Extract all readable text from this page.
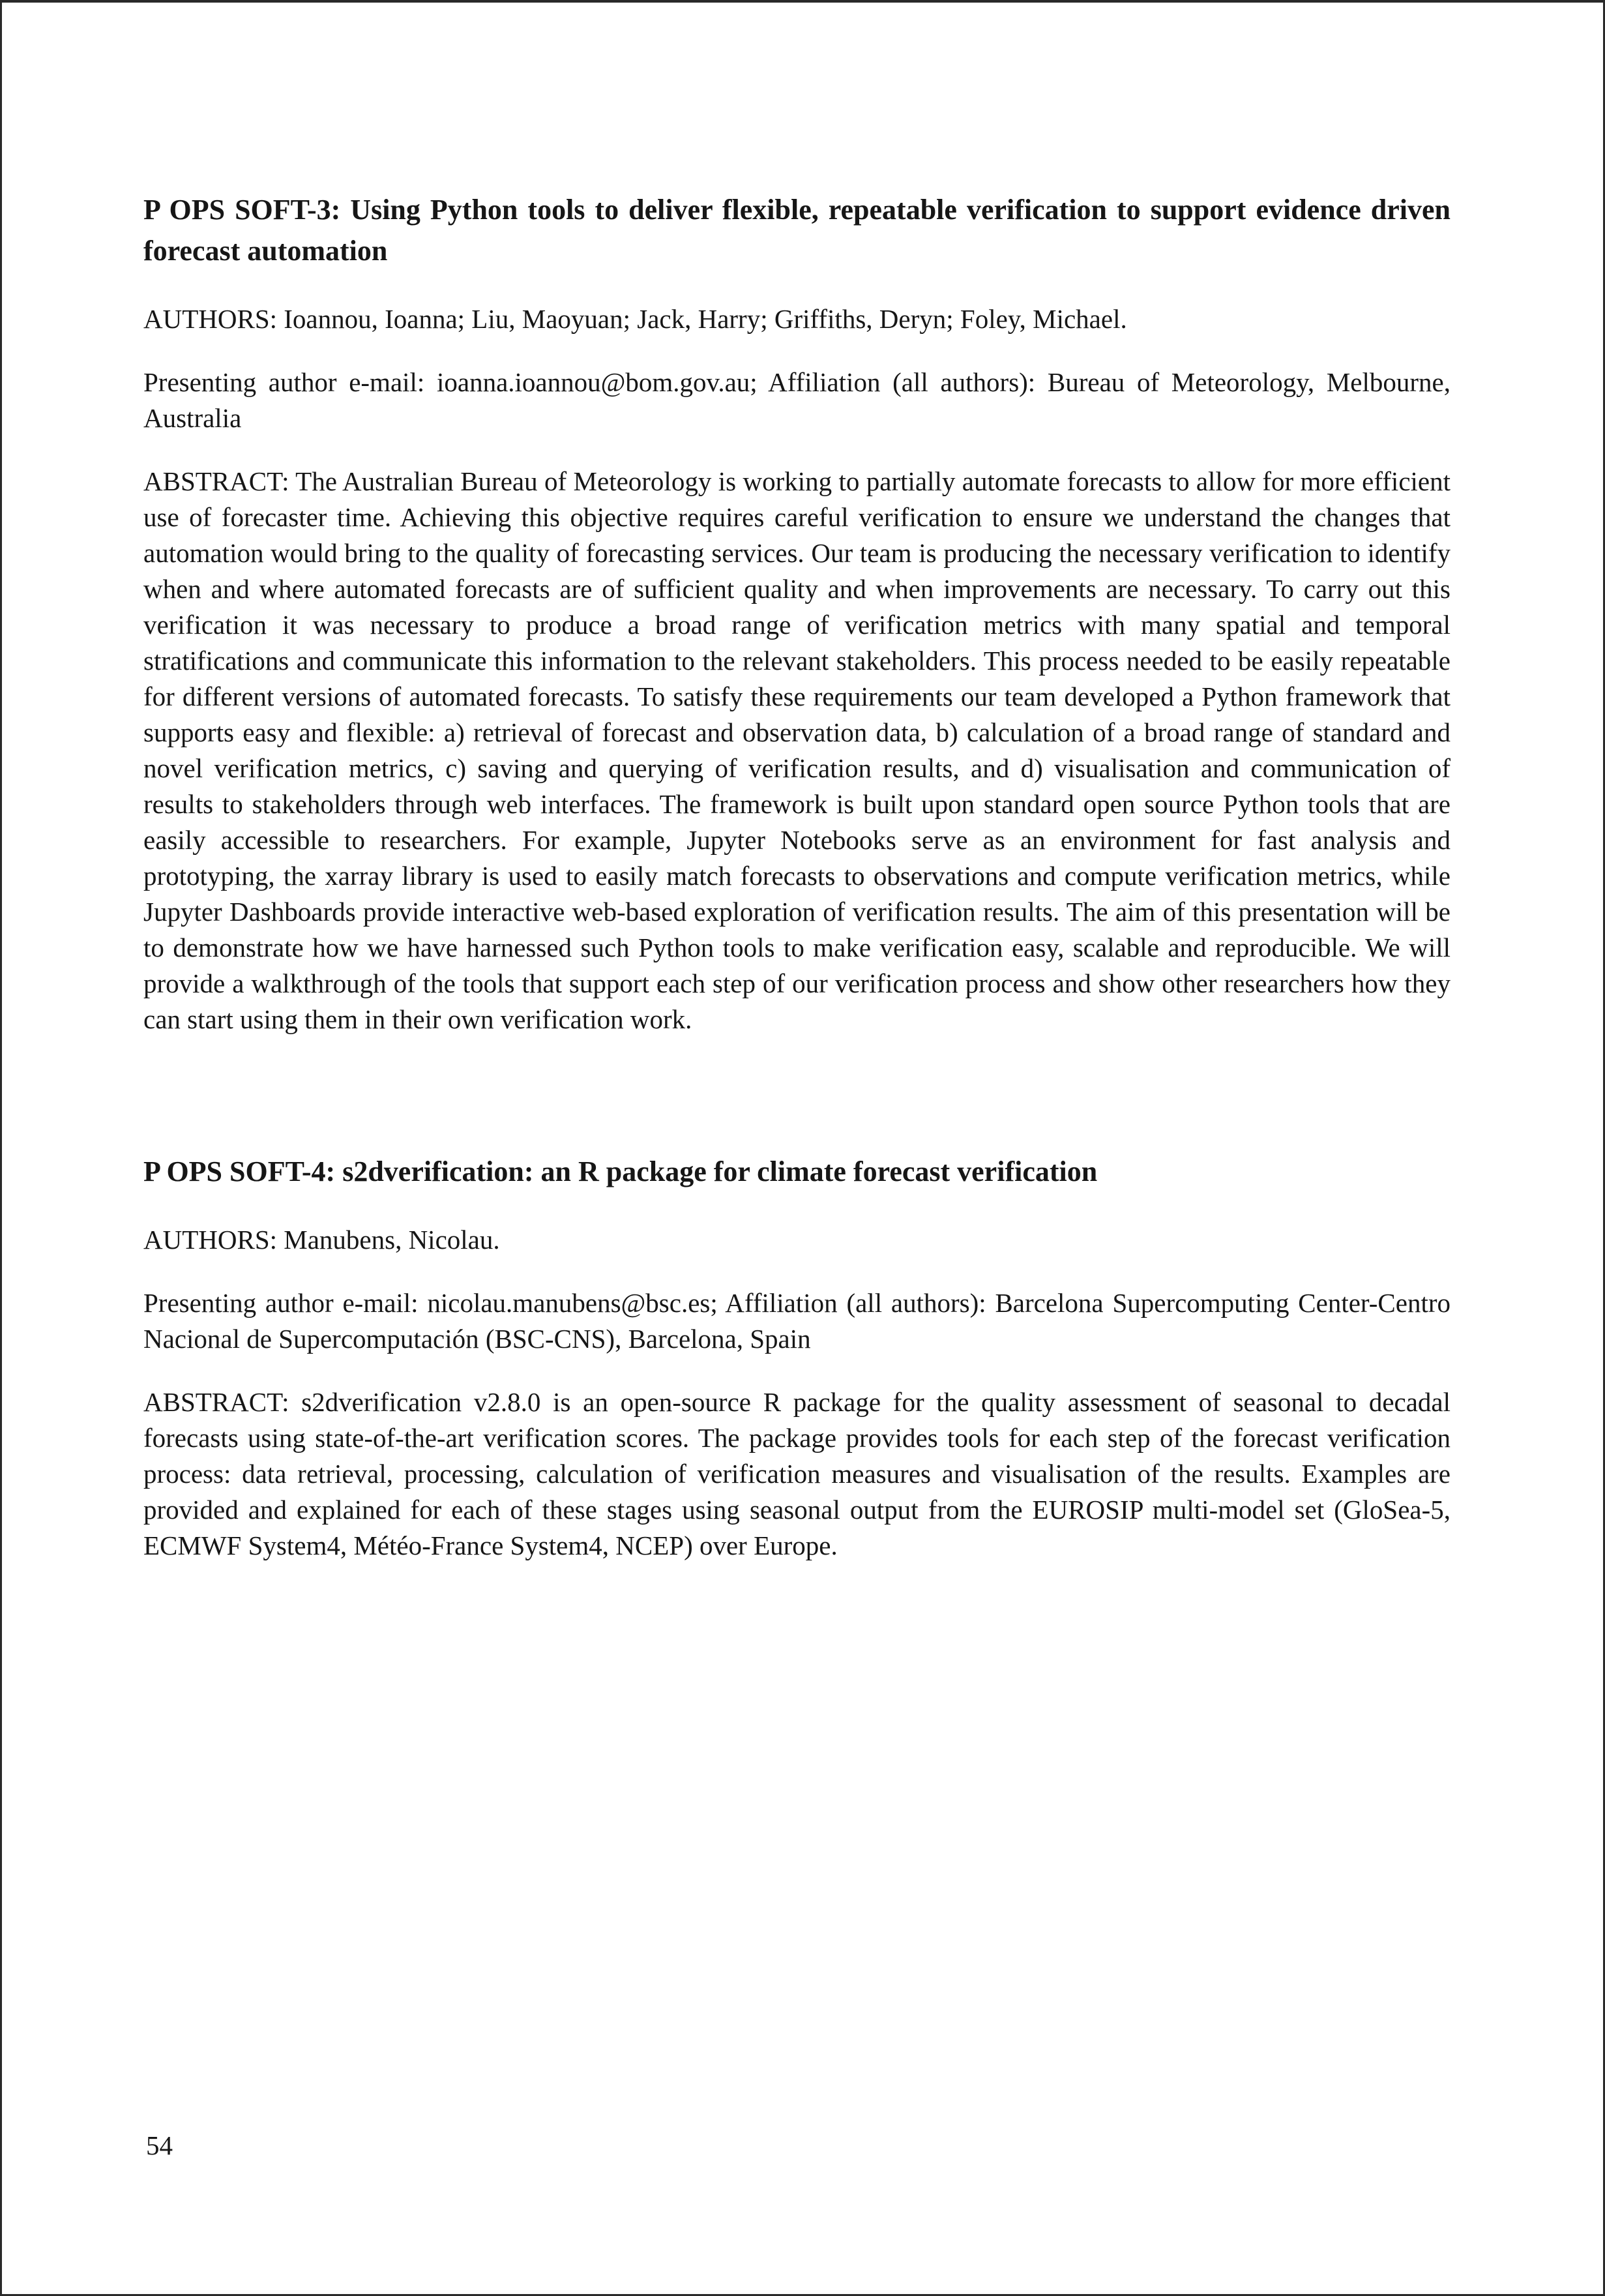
P OPS SOFT-3: Using Python tools to deliver flexible, repeatable verification to support evidence driven forecast automation

AUTHORS: Ioannou, Ioanna; Liu, Maoyuan; Jack, Harry; Griffiths, Deryn; Foley, Michael.

Presenting author e-mail: ioanna.ioannou@bom.gov.au; Affiliation (all authors): Bureau of Meteorology, Melbourne, Australia

ABSTRACT: The Australian Bureau of Meteorology is working to partially automate forecasts to allow for more efficient use of forecaster time. Achieving this objective requires careful verification to ensure we understand the changes that automation would bring to the quality of forecasting services. Our team is producing the necessary verification to identify when and where automated forecasts are of sufficient quality and when improvements are necessary. To carry out this verification it was necessary to produce a broad range of verification metrics with many spatial and temporal stratifications and communicate this information to the relevant stakeholders. This process needed to be easily repeatable for different versions of automated forecasts. To satisfy these requirements our team developed a Python framework that supports easy and flexible: a) retrieval of forecast and observation data, b) calculation of a broad range of standard and novel verification metrics, c) saving and querying of verification results, and d) visualisation and communication of results to stakeholders through web interfaces. The framework is built upon standard open source Python tools that are easily accessible to researchers. For example, Jupyter Notebooks serve as an environment for fast analysis and prototyping, the xarray library is used to easily match forecasts to observations and compute verification metrics, while Jupyter Dashboards provide interactive web-based exploration of verification results. The aim of this presentation will be to demonstrate how we have harnessed such Python tools to make verification easy, scalable and reproducible. We will provide a walkthrough of the tools that support each step of our verification process and show other researchers how they can start using them in their own verification work.

P OPS SOFT-4: s2dverification: an R package for climate forecast verification

AUTHORS: Manubens, Nicolau.

Presenting author e-mail: nicolau.manubens@bsc.es; Affiliation (all authors): Barcelona Supercomputing Center-Centro Nacional de Supercomputación (BSC-CNS), Barcelona, Spain

ABSTRACT: s2dverification v2.8.0 is an open-source R package for the quality assessment of seasonal to decadal forecasts using state-of-the-art verification scores. The package provides tools for each step of the forecast verification process: data retrieval, processing, calculation of verification measures and visualisation of the results. Examples are provided and explained for each of these stages using seasonal output from the EUROSIP multi-model set (GloSea-5, ECMWF System4, Météo-France System4, NCEP) over Europe.

54
